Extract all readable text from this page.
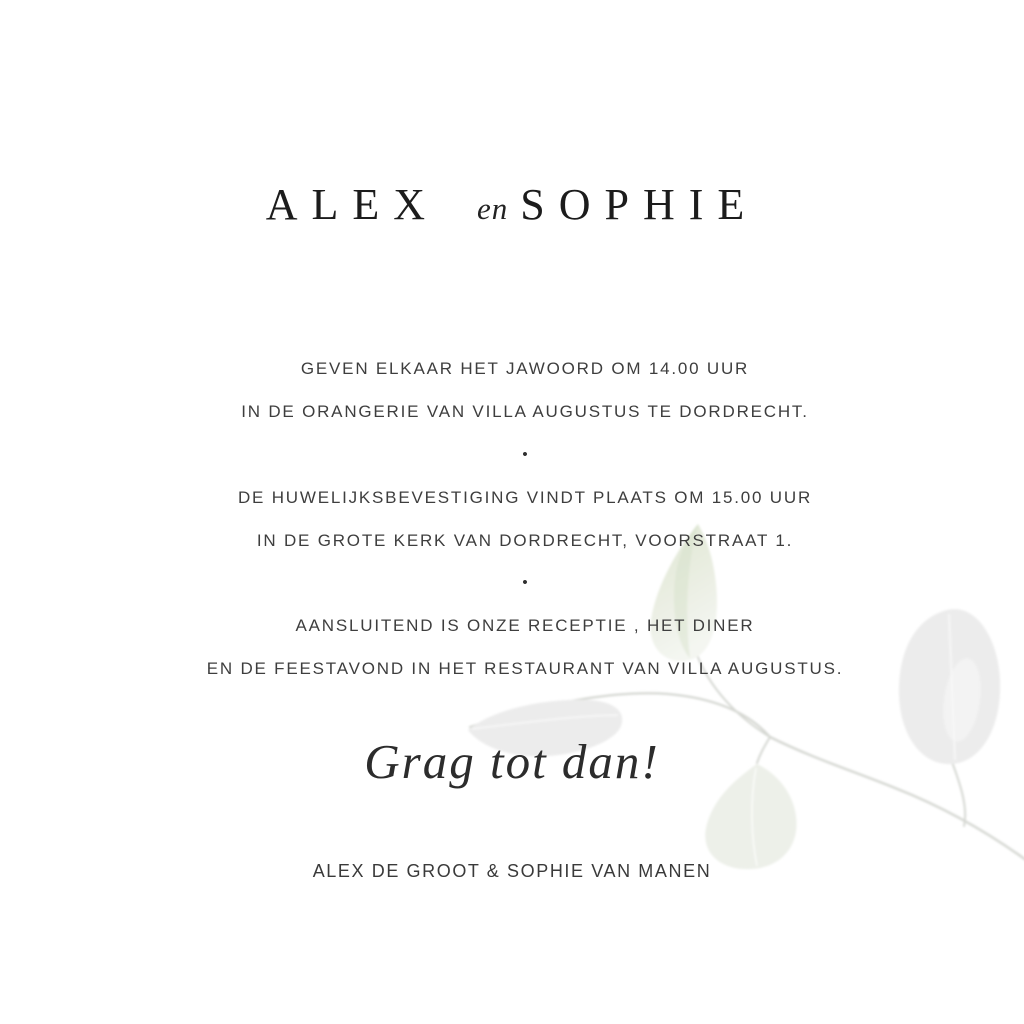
ALEX en SOPHIE

GEVEN ELKAAR HET JAWOORD OM 14.00 UUR

IN DE ORANGERIE VAN VILLA AUGUSTUS TE DORDRECHT.

•

DE HUWELIJKSBEVESTIGING VINDT PLAATS OM 15.00 UUR

IN DE GROTE KERK VAN DORDRECHT, VOORSTRAAT 1.

•

AANSLUITEND IS ONZE RECEPTIE , HET DINER

EN DE FEESTAVOND IN HET RESTAURANT VAN VILLA AUGUSTUS.

Grag tot dan!
ALEX DE GROOT & SOPHIE VAN MANEN
